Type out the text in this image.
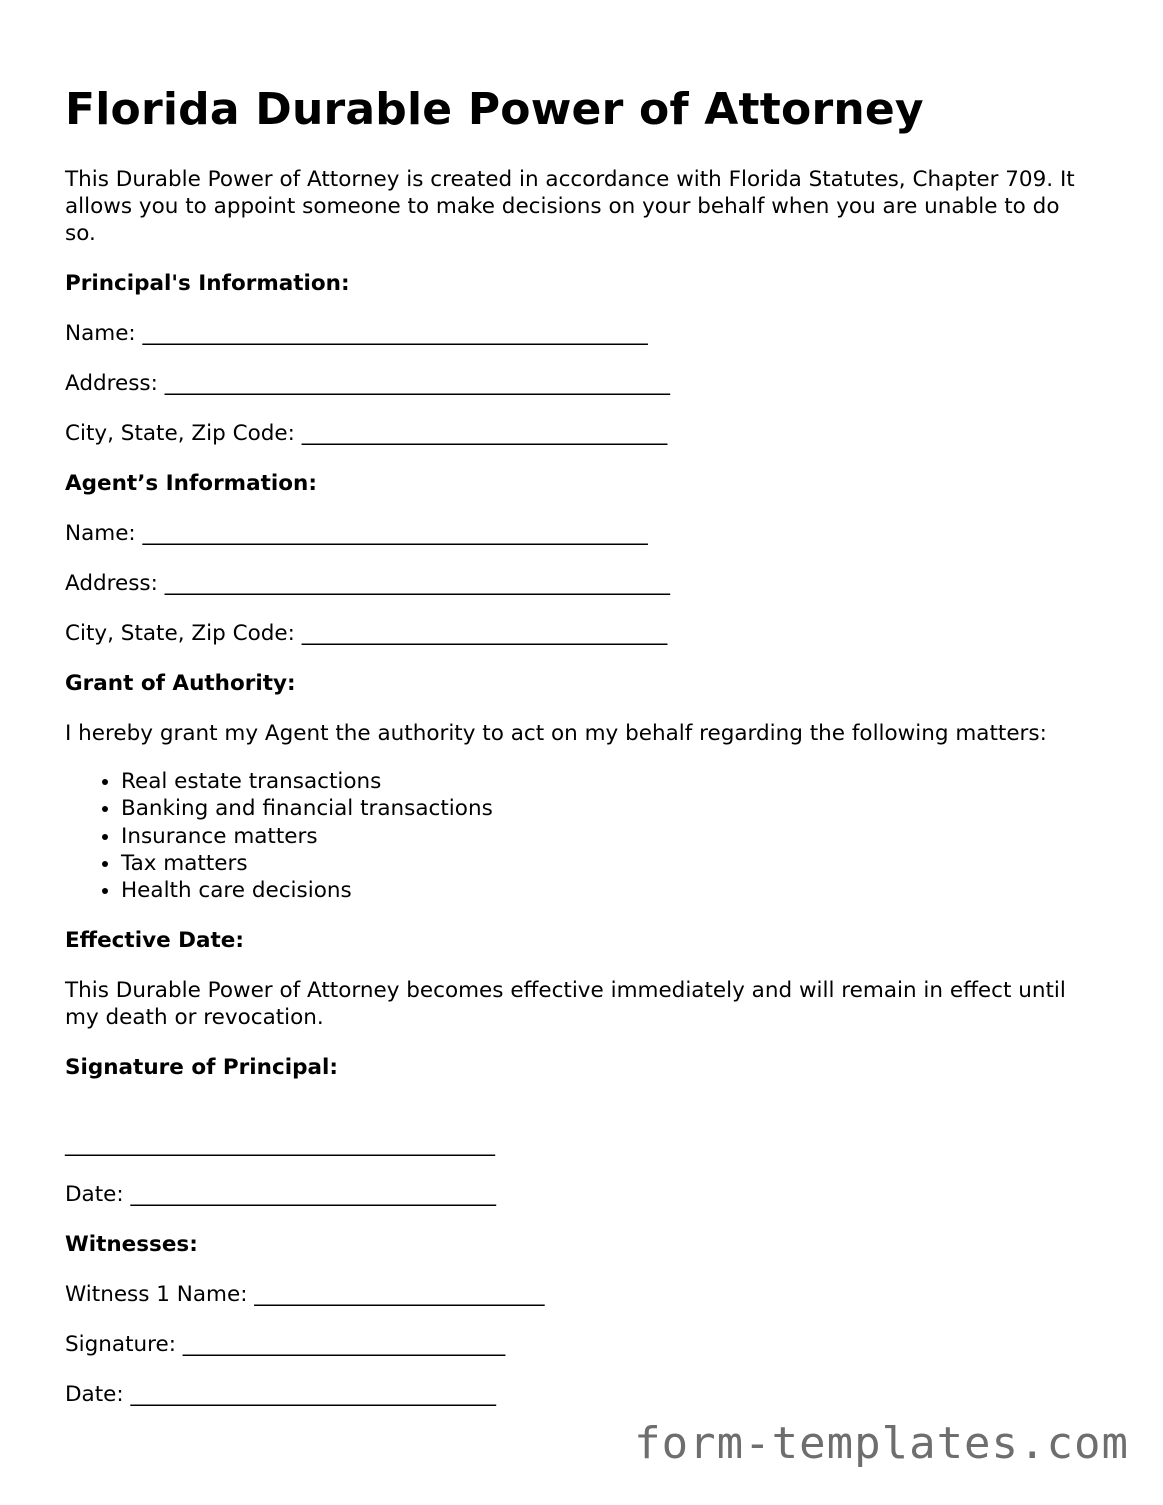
Florida Durable Power of Attorney

This Durable Power of Attorney is created in accordance with Florida Statutes, Chapter 709. It allows you to appoint someone to make decisions on your behalf when you are unable to do so.

Principal's Information:
Name: _______________________________________________
Address: _______________________________________________
City, State, Zip Code: __________________________________
Agent’s Information:
Name: _______________________________________________
Address: _______________________________________________
City, State, Zip Code: __________________________________
Grant of Authority:

I hereby grant my Agent the authority to act on my behalf regarding the following matters:

• Real estate transactions
• Banking and financial transactions
• Insurance matters
• Tax matters
• Health care decisions
Effective Date:

This Durable Power of Attorney becomes effective immediately and will remain in effect until my death or revocation.

Signature of Principal:
________________________________________
Date: __________________________________
Witnesses:
Witness 1 Name: ___________________________
Signature: ______________________________
Date: __________________________________
form-templates.com
